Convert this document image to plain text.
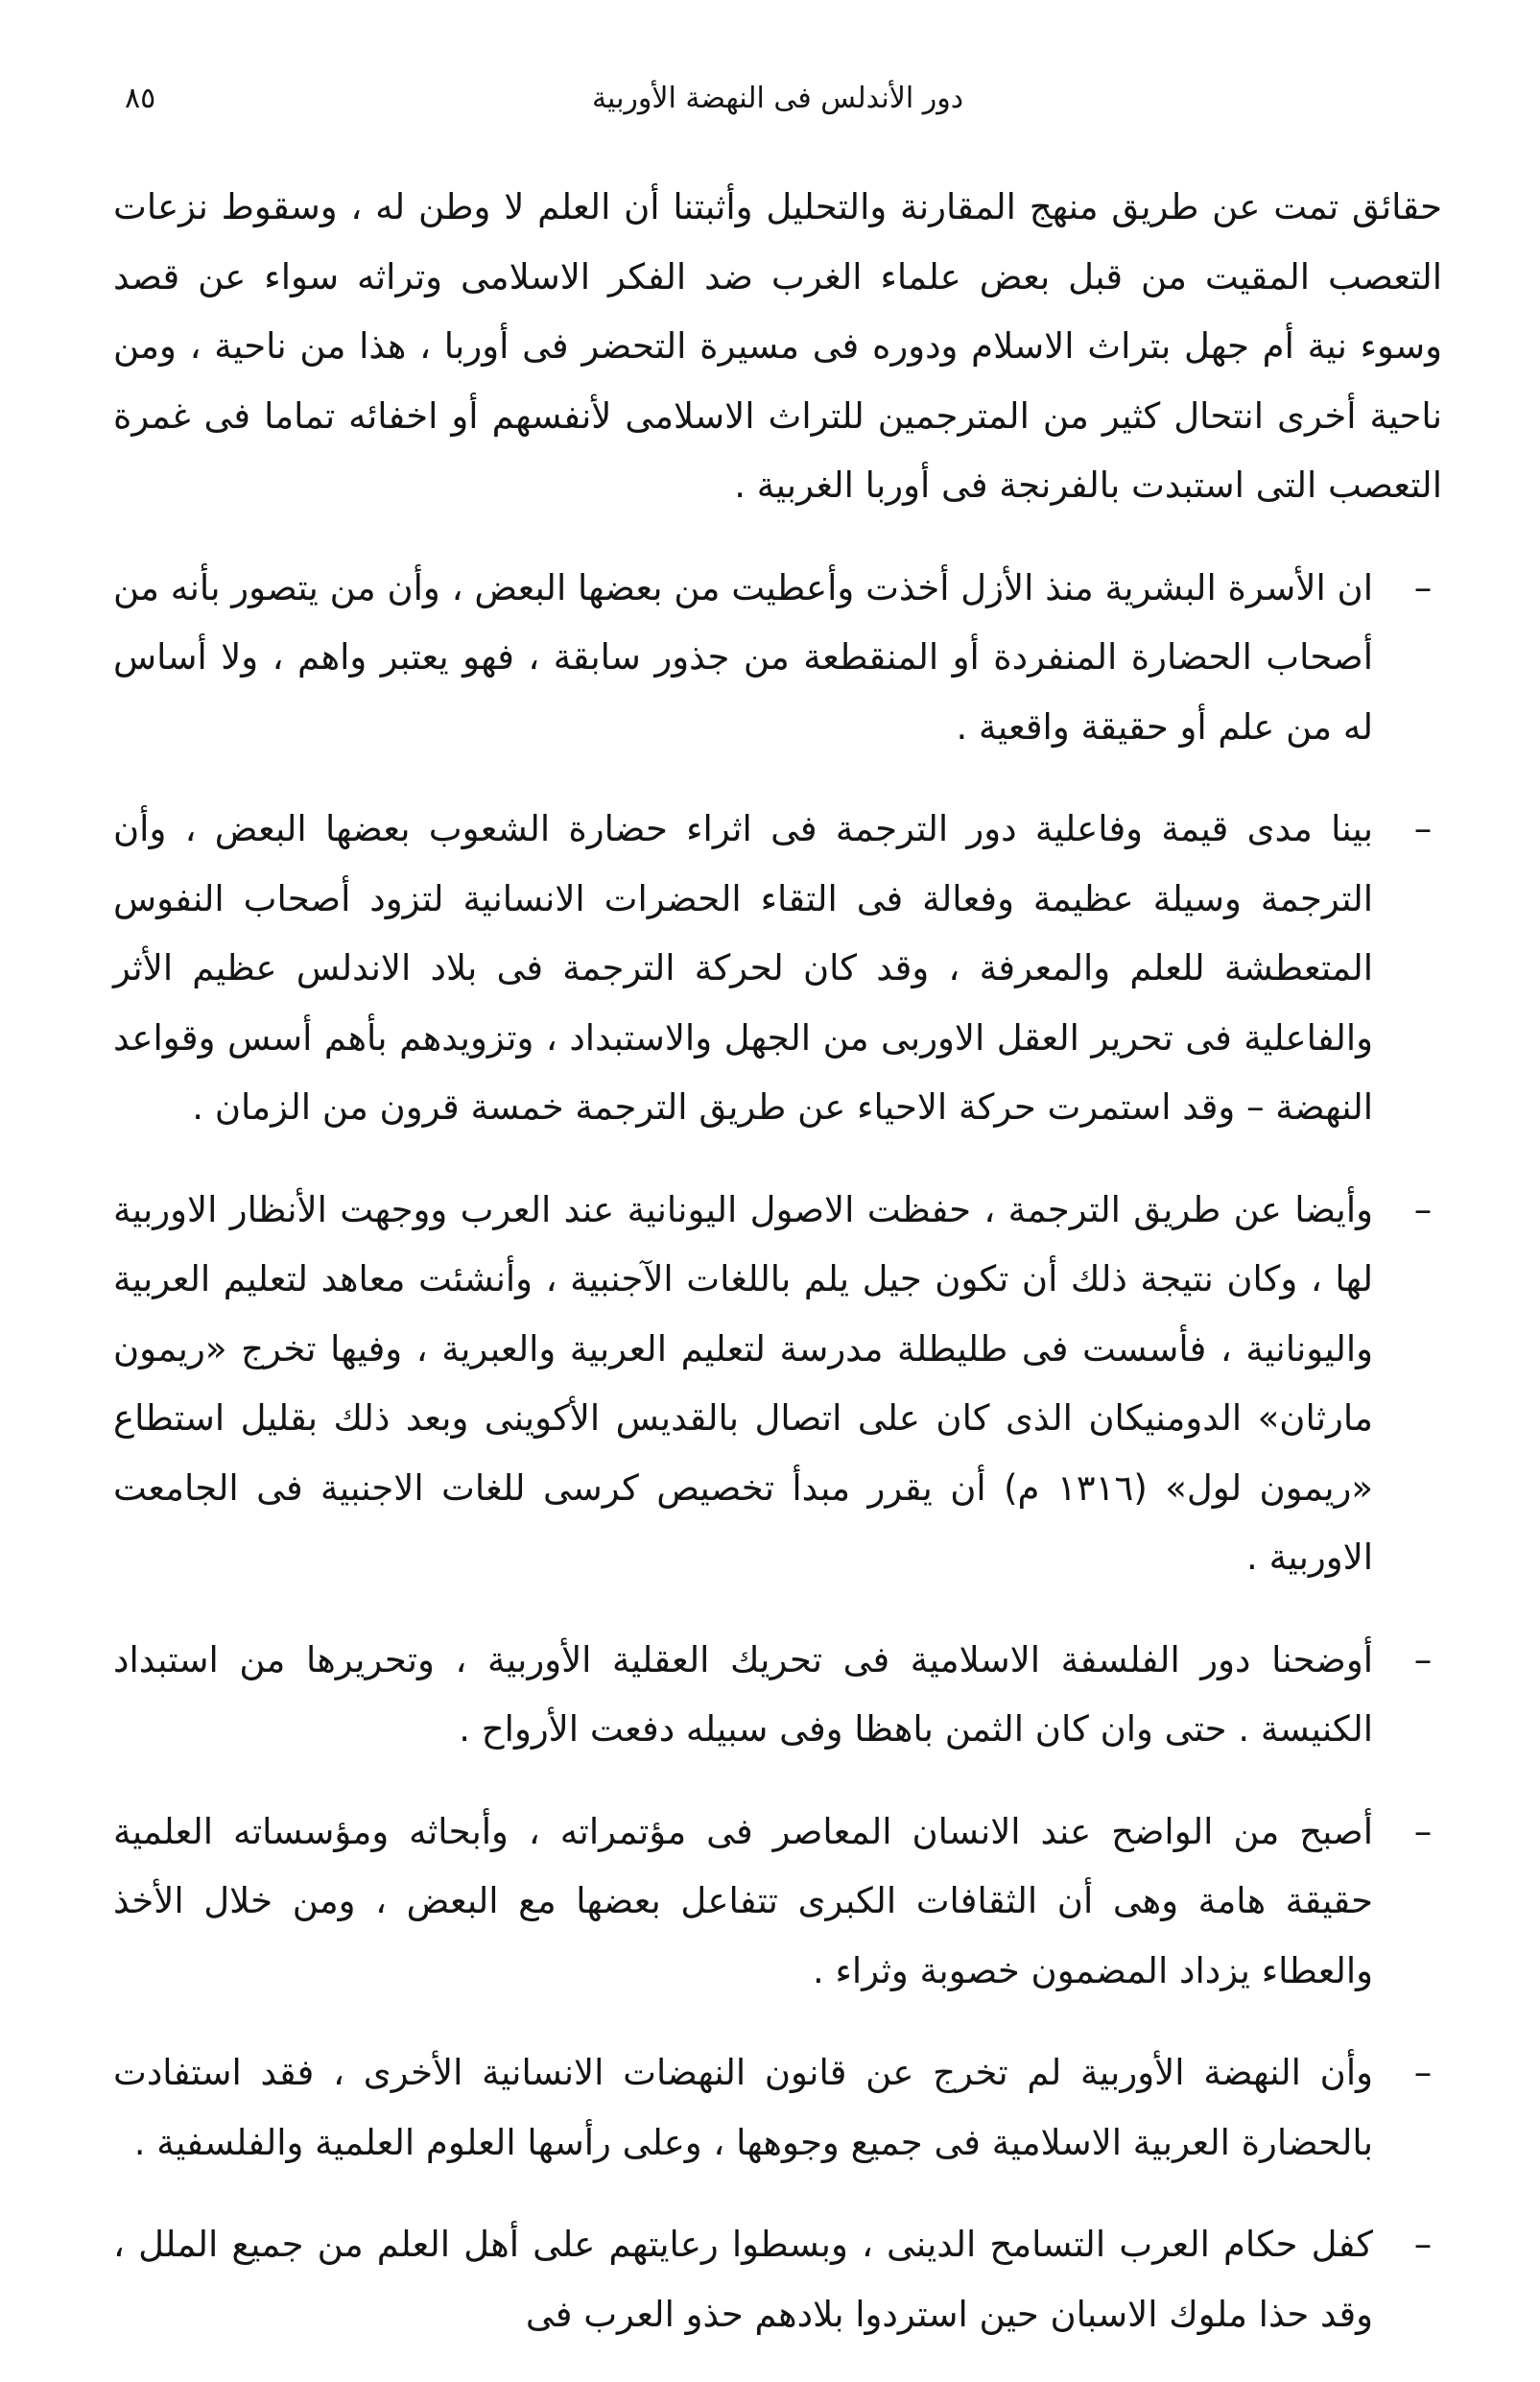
دور الأندلس فى النهضة الأوربية
٨٥

حقائق تمت عن طريق منهج المقارنة والتحليل وأثبتنا أن العلم لا وطن له ، وسقوط نزعات التعصب المقيت من قبل بعض علماء الغرب ضد الفكر الاسلامى وتراثه سواء عن قصد وسوء نية أم جهل بتراث الاسلام ودوره فى مسيرة التحضر فى أوربا ، هذا من ناحية ، ومن ناحية أخرى انتحال كثير من المترجمين للتراث الاسلامى لأنفسهم أو اخفائه تماما فى غمرة التعصب التى استبدت بالفرنجة فى أوربا الغربية .

–
ان الأسرة البشرية منذ الأزل أخذت وأعطيت من بعضها البعض ، وأن من يتصور بأنه من أصحاب الحضارة المنفردة أو المنقطعة من جذور سابقة ، فهو يعتبر واهم ، ولا أساس له من علم أو حقيقة واقعية .
–
بينا مدى قيمة وفاعلية دور الترجمة فى اثراء حضارة الشعوب بعضها البعض ، وأن الترجمة وسيلة عظيمة وفعالة فى التقاء الحضرات الانسانية لتزود أصحاب النفوس المتعطشة للعلم والمعرفة ، وقد كان لحركة الترجمة فى بلاد الاندلس عظيم الأثر والفاعلية فى تحرير العقل الاوربى من الجهل والاستبداد ، وتزويدهم بأهم أسس وقواعد النهضة – وقد استمرت حركة الاحياء عن طريق الترجمة خمسة قرون من الزمان .
–
وأيضا عن طريق الترجمة ، حفظت الاصول اليونانية عند العرب ووجهت الأنظار الاوربية لها ، وكان نتيجة ذلك أن تكون جيل يلم باللغات الآجنبية ، وأنشئت معاهد لتعليم العربية واليونانية ، فأسست فى طليطلة مدرسة لتعليم العربية والعبرية ، وفيها تخرج «ريمون مارثان» الدومنيكان الذى كان على اتصال بالقديس الأكوينى وبعد ذلك بقليل استطاع «ريمون لول» (١٣١٦ م) أن يقرر مبدأ تخصيص كرسى للغات الاجنبية فى الجامعت الاوربية .
–
أوضحنا دور الفلسفة الاسلامية فى تحريك العقلية الأوربية ، وتحريرها من استبداد الكنيسة . حتى وان كان الثمن باهظا وفى سبيله دفعت الأرواح .
–
أصبح من الواضح عند الانسان المعاصر فى مؤتمراته ، وأبحاثه ومؤسساته العلمية حقيقة هامة وهى أن الثقافات الكبرى تتفاعل بعضها مع البعض ، ومن خلال الأخذ والعطاء يزداد المضمون خصوبة وثراء .
–
وأن النهضة الأوربية لم تخرج عن قانون النهضات الانسانية الأخرى ، فقد استفادت بالحضارة العربية الاسلامية فى جميع وجوهها ، وعلى رأسها العلوم العلمية والفلسفية .
–
كفل حكام العرب التسامح الدينى ، وبسطوا رعايتهم على أهل العلم من جميع الملل ، وقد حذا ملوك الاسبان حين استردوا بلادهم حذو العرب فى
